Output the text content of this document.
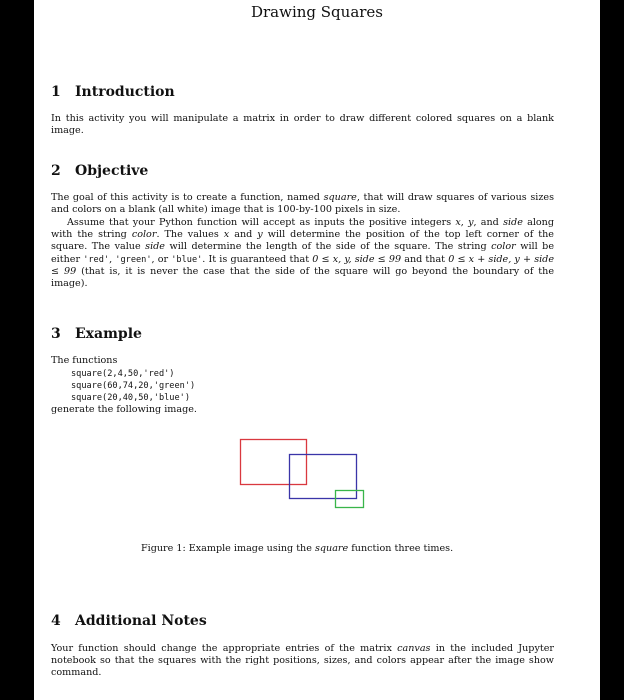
Drawing Squares
1 Introduction
In this activity you will manipulate a matrix in order to draw different colored squares on a blank image.
2 Objective
The goal of this activity is to create a function, named square, that will draw squares of various sizes and colors on a blank (all white) image that is 100-by-100 pixels in size.
Assume that your Python function will accept as inputs the positive integers x, y, and side along with the string color. The values x and y will determine the position of the top left corner of the square. The value side will determine the length of the side of the square. The string color will be either 'red', 'green', or 'blue'. It is guaranteed that 0 ≤ x, y, side ≤ 99 and that 0 ≤ x + side, y + side ≤ 99 (that is, it is never the case that the side of the square will go beyond the boundary of the image).
3 Example
The functions
square(2,4,50,'red')
square(60,74,20,'green')
square(20,40,50,'blue')
generate the following image.
Figure 1: Example image using the square function three times.
4 Additional Notes
Your function should change the appropriate entries of the matrix canvas in the included Jupyter notebook so that the squares with the right positions, sizes, and colors appear after the image show command.
